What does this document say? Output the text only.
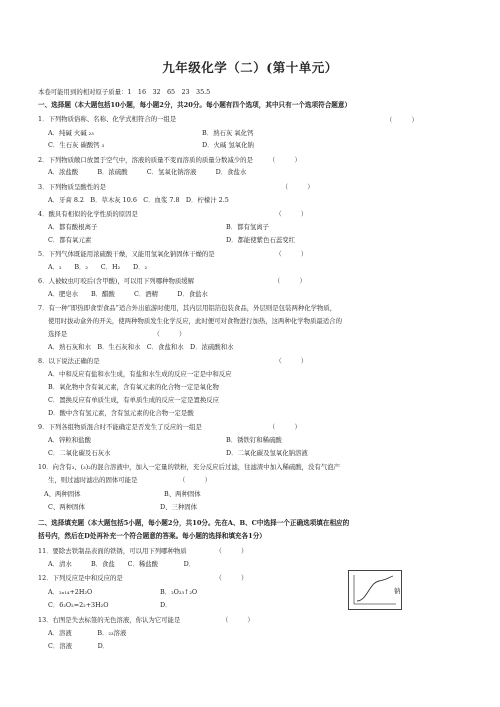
九年级化学（二）(第十单元）
本卷可能用到的相对原子质量：1　16　32　65　23　35.5
一、选择题（本大题包括10小题，每小题2分，共20分。每小题有四个选项，其中只有一个选项符合题意）
1．下列物质俗称、名称、化学式相符合的一组是	（　　　）
A．纯碱 火碱 ₂₃	B．熟石灰 氧化钙
C．生石灰 碳酸钙 ₃	D．火碱 氢氧化钠
2．下列物质敞口放置于空气中，溶液的质量不变而溶质的质量分数减少的是　　　（　　　）
A．浓盐酸　　　B．浓硫酸　　　C．氢氧化钠溶液　　　D．食盐水
3．下列物质呈酸性的是　　　　　　　　　　　　　　　　　　　　　　　　　　　　（　　　）
A．牙膏 8.2　B．草木灰 10.6　C．血浆 7.8　D．柠檬汁 2.5
4．酸具有相似的化学性质的原因是　　　　　　　　　　　　　　　　　　　　　　（　　　）
A．都有酸根离子	B．都有氢离子
C．都有氧元素	D．都能使紫色石蕊变红
5．下列气体既能用浓硫酸干燥，又能用氢氧化钠固体干燥的是　　　　　　　　　　（　　　）
A．₂　　B．₂　　C．H₂　　D．₂
6．人被蚊虫叮咬后(含甲酸)，可以用下列哪种物质缓解　　　　　　　　　　　　　（　　　）
A．肥皂水　　B．醋酸　　　C．酒精　　　D．食盐水
7．有一种“即热即食型食品”适合外出旅游时使用，其内层用铝箔包装食品，外层则是包装两种化学物质，
使用时拔动盒外的开关，使两种物质发生化学反应，此时便可对食物进行加热，这两种化学物质最适合的
选择是　　　　　　　　　　　　　　（　　　）
A．熟石灰和水　B．生石灰和水　C．食盐和水　D．浓硫酸和水
8．以下说法正确的是　　　　　　　　　　　　　　　　　　　　　　　　　　　　（　　　）
A．中和反应有盐和水生成，有盐和水生成的反应一定是中和反应
B．氧化物中含有氧元素，含有氧元素的化合物一定是氧化物
C．置换反应有单质生成，有单质生成的反应一定是置换反应
D．酸中含有氢元素，含有氢元素的化合物一定是酸
9．下列各组物质混合时不能确定是否发生了反应的一组是　　　　　　　　　　　（　　　）
A．锌粒和盐酸	B．锈铁钉和稀硫酸
C．二氧化碳及石灰水	D．二氧化碳及氢氧化钠溶液
10．向含有₃、(₃)₂的混合溶液中，加入一定量的铁粉，充分反应后过滤，往滤渣中加入稀硫酸，没有气泡产
生，则过滤时滤出的固体可能是　　　　　　　（　　　）
A、两种固体	B、两种固体
C、两种固体	D、三种固体
二、选择填充题（本大题包括5小题，每小题2分，共10分。先在A、B、C中选择一个正确选项填在相应的
括号内，然后在D处再补充一个符合题意的答案。每小题的选择和填充各1分）
11．要除去铁制品表面的铁锈，可以用下列哪种物质　　　　　（　　　）
A．清水　　　B．食盐　　C．稀盐酸　　　　D．
12．下列反应是中和反应的是　　　　　　　　　　　　　　　（　　　）
A．₂ₙ₁₄+2H₂O	B．₂O₂₃↑₂O
C．6₂O₂=2₂+3H₂O	D．
13．右图是失去标签的无色溶液，你认为它可能是　　　　　　　（　　　）
A．溶液　　　　B．₂₃溶液
C．溶液　　　　D．
钠
